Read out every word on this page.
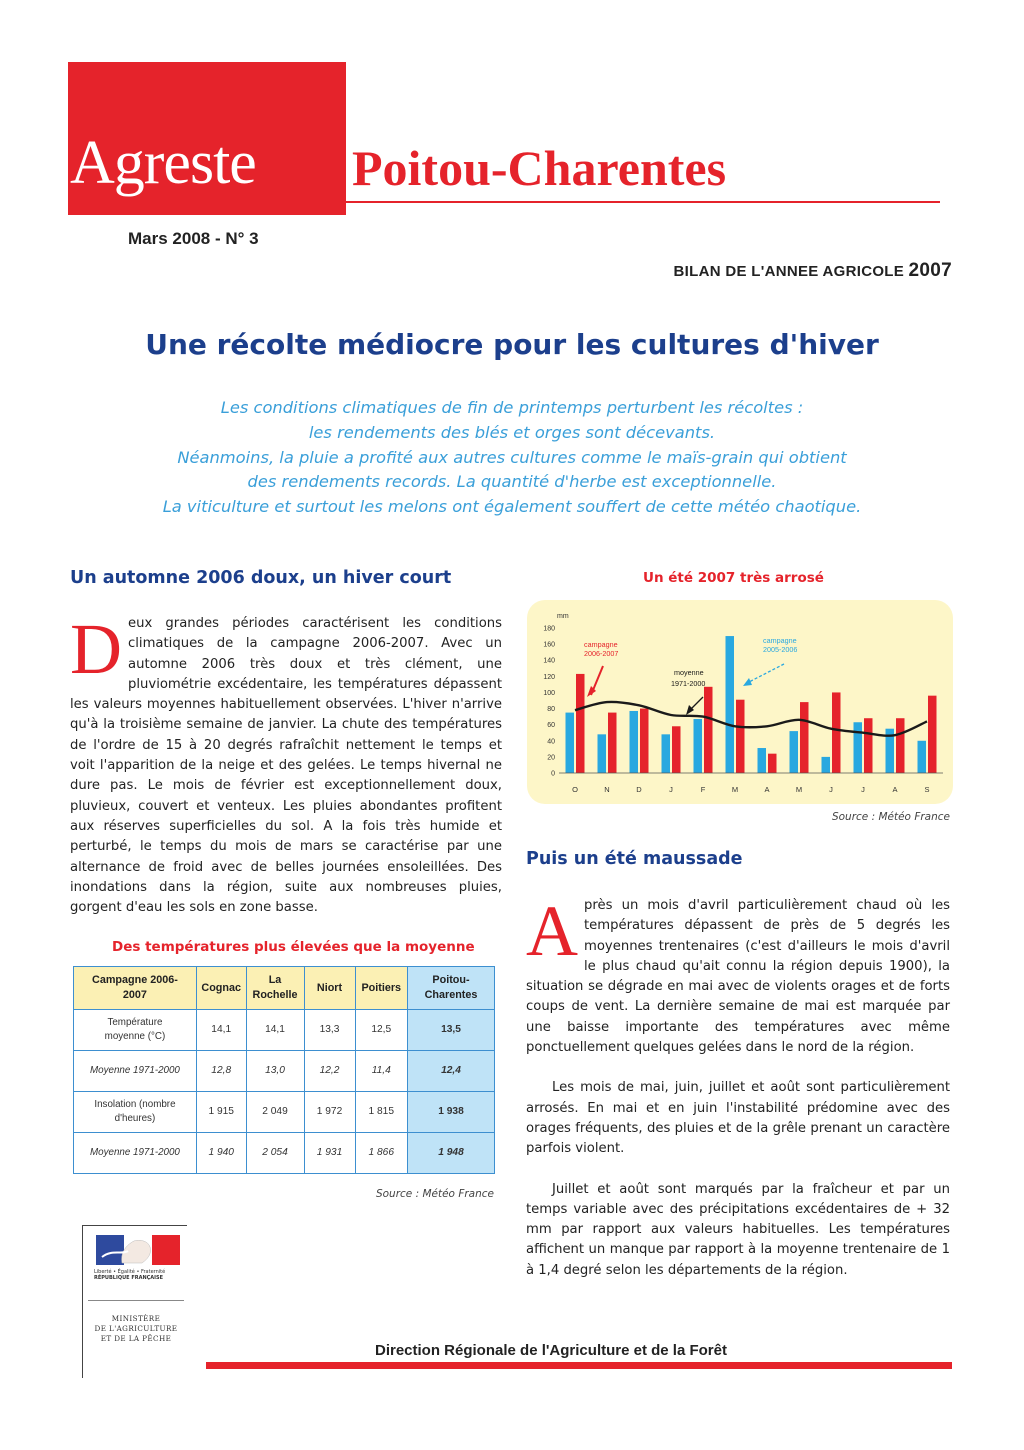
Agreste Poitou-Charentes
Mars 2008 - N° 3
BILAN DE L'ANNEE AGRICOLE 2007
Une récolte médiocre pour les cultures d'hiver
Les conditions climatiques de fin de printemps perturbent les récoltes :
les rendements des blés et orges sont décevants.
Néanmoins, la pluie a profité aux autres cultures comme le maïs-grain qui obtient
des rendements records. La quantité d'herbe est exceptionnelle.
La viticulture et surtout les melons ont également souffert de cette météo chaotique.
Un automne 2006 doux, un hiver court

Deux grandes périodes caractérisent les conditions climatiques de la campagne 2006-2007. Avec un automne 2006 très doux et très clément, une pluviométrie excédentaire, les températures dépassent les valeurs moyennes habituellement observées. L'hiver n'arrive qu'à la troisième semaine de janvier. La chute des températures de l'ordre de 15 à 20 degrés rafraîchit nettement le temps et voit l'apparition de la neige et des gelées. Le temps hivernal ne dure pas. Le mois de février est exceptionnellement doux, pluvieux, couvert et venteux. Les pluies abondantes profitent aux réserves superficielles du sol. A la fois très humide et perturbé, le temps du mois de mars se caractérise par une alternance de froid avec de belles journées ensoleillées. Des inondations dans la région, suite aux nombreuses pluies, gorgent d'eau les sols en zone basse.

Un été 2007 très arrosé
mm
0
20
40
60
80
100
120
140
160
180
O	N	D	J	F	M	A	M	J	J	A	S
campagne 2006-2007
campagne 2005-2006
moyenne 1971-2000
Source : Météo France
Puis un été maussade

Après un mois d'avril particulièrement chaud où les températures dépassent de près de 5 degrés les moyennes trentenaires (c'est d'ailleurs le mois d'avril le plus chaud qu'ait connu la région depuis 1900), la situation se dégrade en mai avec de violents orages et de forts coups de vent. La dernière semaine de mai est marquée par une baisse importante des températures avec même ponctuellement quelques gelées dans le nord de la région.

Les mois de mai, juin, juillet et août sont particulièrement arrosés. En mai et en juin l'instabilité prédomine avec des orages fréquents, des pluies et de la grêle prenant un caractère parfois violent.

Juillet et août sont marqués par la fraîcheur et par un temps variable avec des précipitations excédentaires de + 32 mm par rapport aux valeurs habituelles. Les températures affichent un manque par rapport à la moyenne trentenaire de 1 à 1,4 degré selon les départements de la région.

Des températures plus élevées que la moyenne
Campagne 2006-2007	Cognac	La Rochelle	Niort	Poitiers	Poitou-Charentes
Température moyenne (°C)	14,1	14,1	13,3	12,5	13,5
Moyenne 1971-2000	12,8	13,0	12,2	11,4	12,4
Insolation (nombre d'heures)	1 915	2 049	1 972	1 815	1 938
Moyenne 1971-2000	1 940	2 054	1 931	1 866	1 948
Source : Météo France
Liberté • Égalité • Fraternité
RÉPUBLIQUE FRANÇAISE
MINISTÈRE
DE L'AGRICULTURE
ET DE LA PÊCHE
Direction Régionale de l'Agriculture et de la Forêt
